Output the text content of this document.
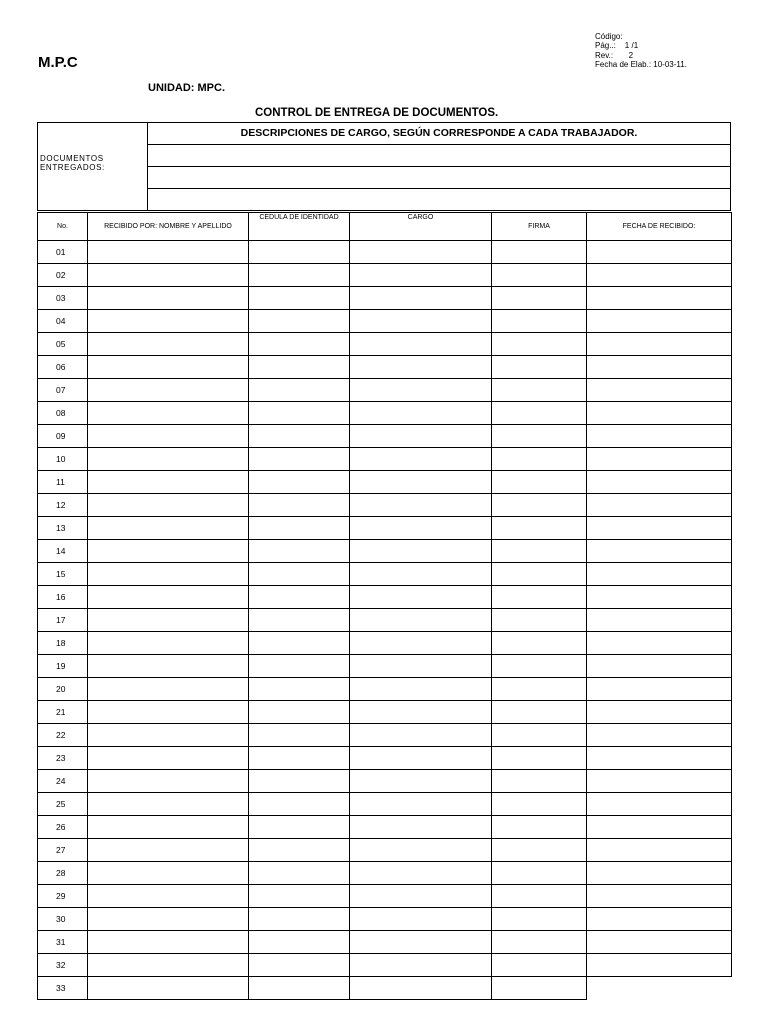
M.P.C
Código:
Pág..:    1 /1
Rev.:       2
Fecha de Elab.: 10-03-11.
UNIDAD: MPC.
CONTROL DE ENTREGA DE DOCUMENTOS.
DOCUMENTOS
ENTREGADOS:
DESCRIPCIONES DE CARGO, SEGÚN CORRESPONDE A CADA TRABAJADOR.
No.	RECIBIDO POR: NOMBRE Y APELLIDO	CEDULA DE IDENTIDAD	CARGO	FIRMA	FECHA DE RECIBIDO:
01					
02					
03					
04					
05					
06					
07					
08					
09					
10					
11					
12					
13					
14					
15					
16					
17					
18					
19					
20					
21					
22					
23					
24					
25					
26					
27					
28					
29					
30					
31					
32					
33					
